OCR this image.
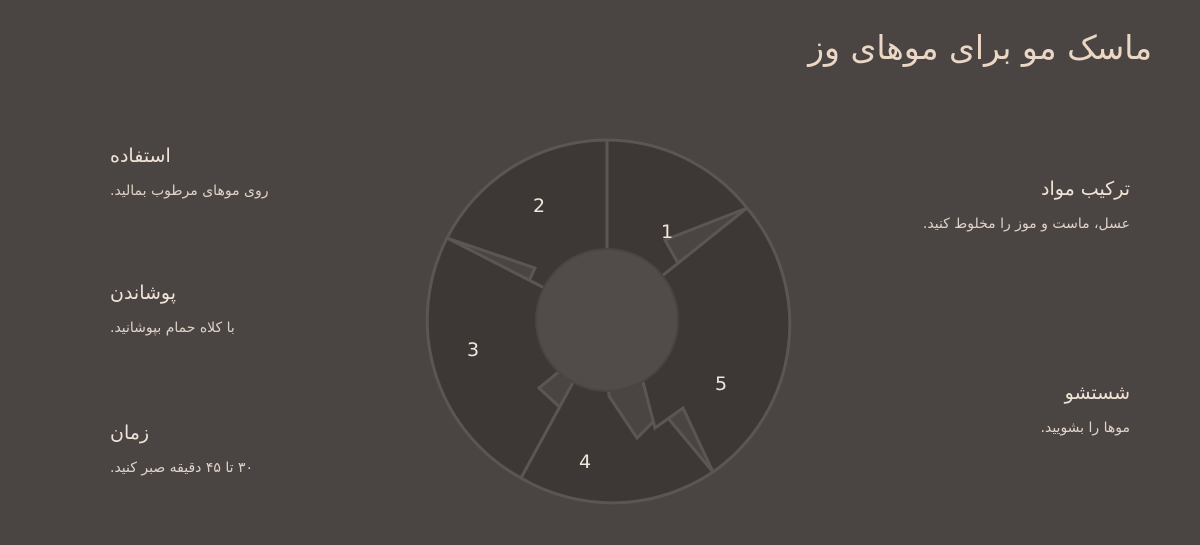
ماسک مو برای موهای وز
1
2
3
4
5
ترکیب مواد
عسل، ماست و موز را مخلوط کنید.
استفاده
روی موهای مرطوب بمالید.
پوشاندن
با کلاه حمام بپوشانید.
زمان
۳۰ تا ۴۵ دقیقه صبر کنید.
شستشو
موها را بشویید.
